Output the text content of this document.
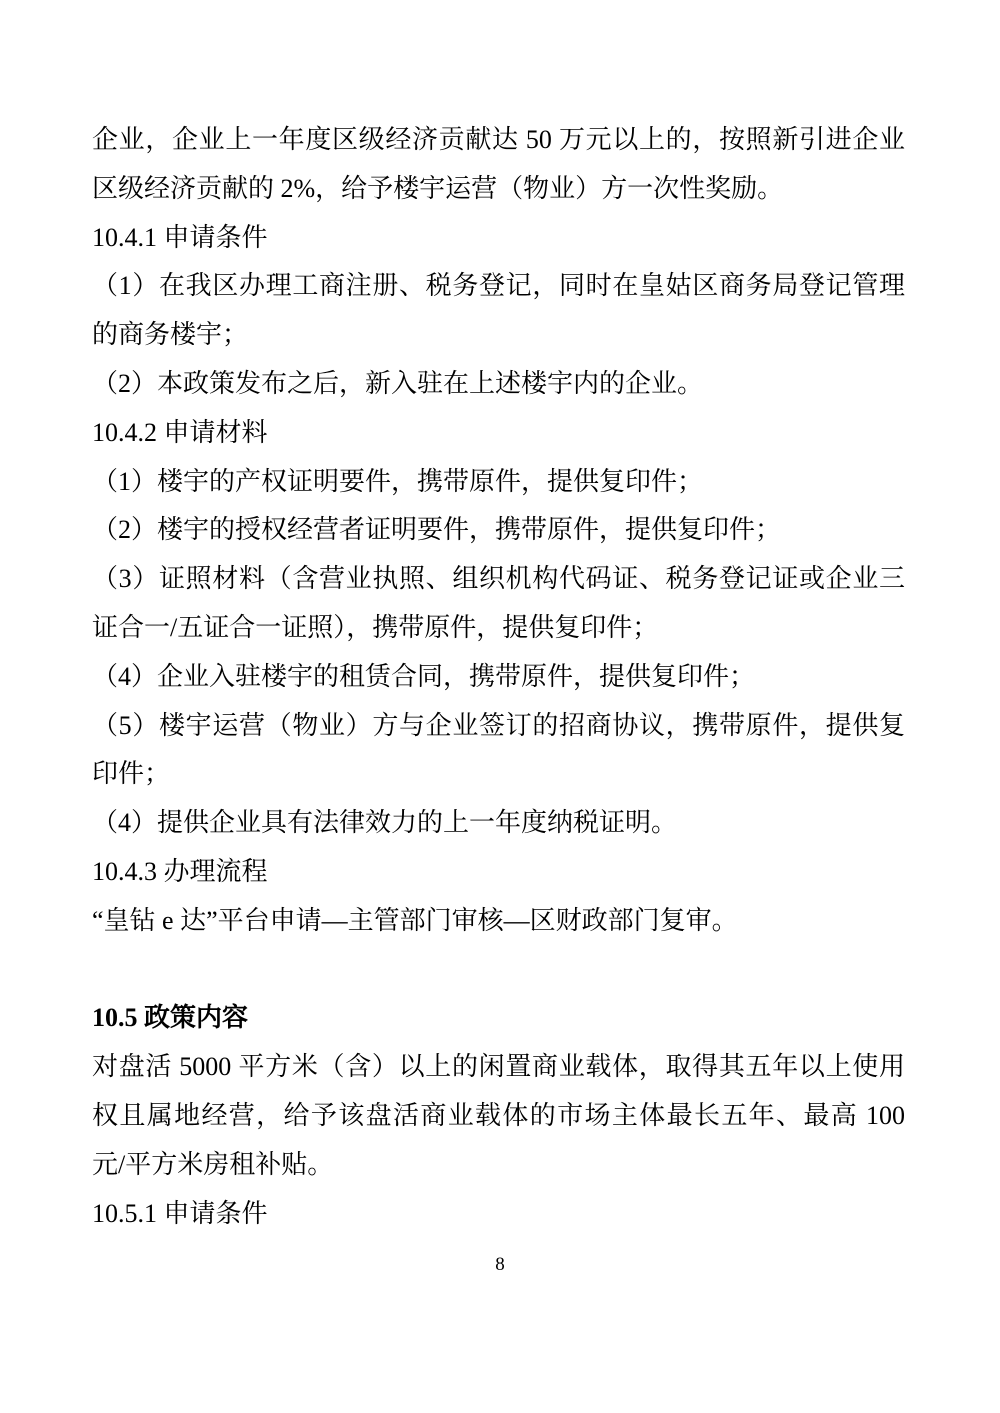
企业，企业上一年度区级经济贡献达 50 万元以上的，按照新引进企业
区级经济贡献的 2%，给予楼宇运营（物业）方一次性奖励。
10.4.1 申请条件
（1）在我区办理工商注册、税务登记，同时在皇姑区商务局登记管理
的商务楼宇；
（2）本政策发布之后，新入驻在上述楼宇内的企业。
10.4.2 申请材料
（1）楼宇的产权证明要件，携带原件，提供复印件；
（2）楼宇的授权经营者证明要件，携带原件，提供复印件；
（3）证照材料（含营业执照、组织机构代码证、税务登记证或企业三
证合一/五证合一证照），携带原件，提供复印件；
（4）企业入驻楼宇的租赁合同，携带原件，提供复印件；
（5）楼宇运营（物业）方与企业签订的招商协议，携带原件，提供复
印件；
（4）提供企业具有法律效力的上一年度纳税证明。
10.4.3 办理流程
“皇钻 e 达”平台申请—主管部门审核—区财政部门复审。
10.5 政策内容
对盘活 5000 平方米（含）以上的闲置商业载体，取得其五年以上使用
权且属地经营，给予该盘活商业载体的市场主体最长五年、最高 100
元/平方米房租补贴。
10.5.1 申请条件
8
